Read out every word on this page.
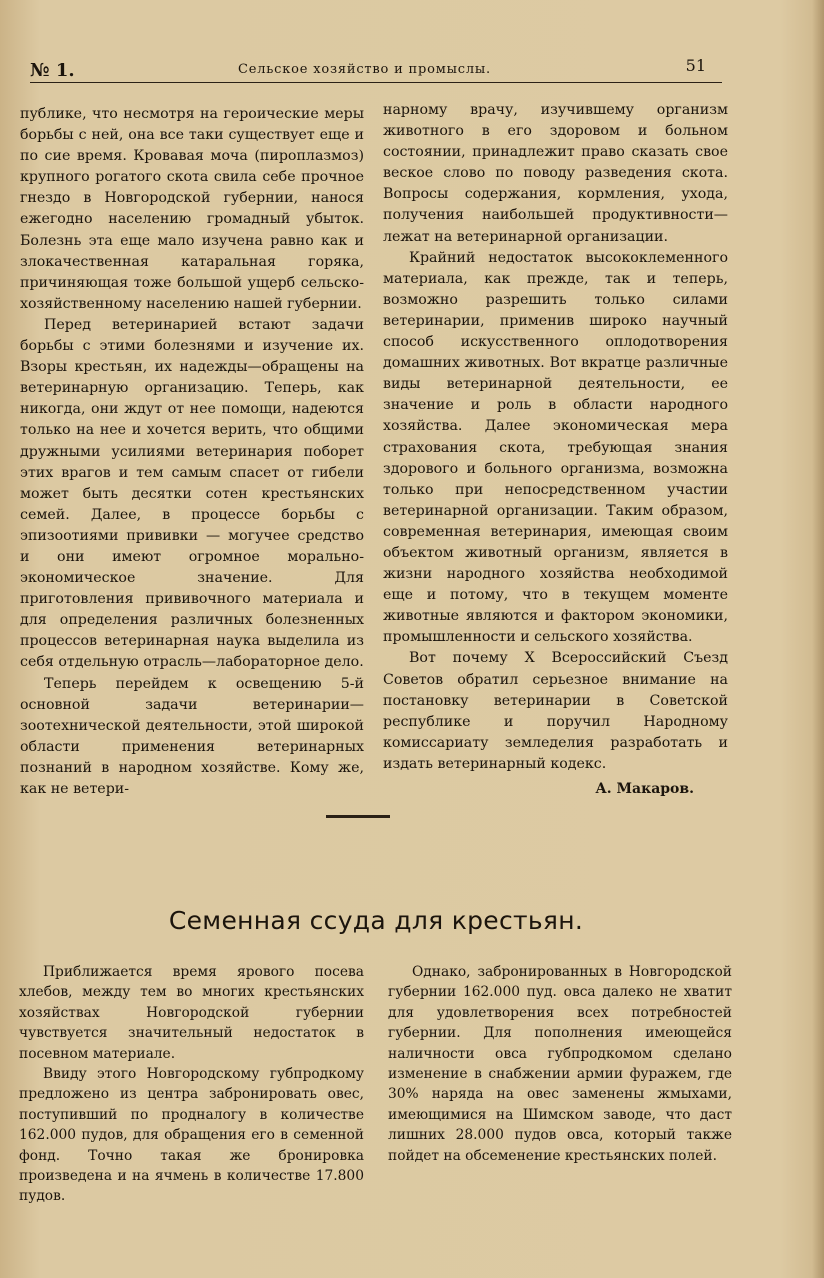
№ 1.	Сельское хозяйство и промыслы.	51

публике, что несмотря на героические меры борьбы с ней, она все таки существует еще и по сие время. Кровавая моча (пироплазмоз) крупного рогатого скота свила себе прочное гнездо в Новгородской губернии, нанося ежегодно населению громадный убыток. Болезнь эта еще мало изучена равно как и злокачественная катаральная горяка, причиняющая тоже большой ущерб сельско-хозяйственному населению нашей губернии.

Перед ветеринарией встают задачи борьбы с этими болезнями и изучение их. Взоры крестьян, их надежды—обращены на ветеринарную организацию. Теперь, как никогда, они ждут от нее помощи, надеются только на нее и хочется верить, что общими дружными усилиями ветеринария поборет этих врагов и тем самым спасет от гибели может быть десятки сотен крестьянских семей. Далее, в процессе борьбы с эпизоотиями прививки — могучее средство и они имеют огромное морально-экономическое значение. Для приготовления прививочного материала и для определения различных болезненных процессов ветеринарная наука выделила из себя отдельную отрасль—лабораторное дело.

Теперь перейдем к освещению 5-й основной задачи ветеринарии—зоотехнической деятельности, этой широкой области применения ветеринарных познаний в народном хозяйстве. Кому же, как не ветери-

нарному врачу, изучившему организм животного в его здоровом и больном состоянии, принадлежит право сказать свое веское слово по поводу разведения скота. Вопросы содержания, кормления, ухода, получения наибольшей продуктивности—лежат на ветеринарной организации.

Крайний недостаток высококлеменного материала, как прежде, так и теперь, возможно разрешить только силами ветеринарии, применив широко научный способ искусственного оплодотворения домашних животных. Вот вкратце различные виды ветеринарной деятельности, ее значение и роль в области народного хозяйства. Далее экономическая мера страхования скота, требующая знания здорового и больного организма, возможна только при непосредственном участии ветеринарной организации. Таким образом, современная ветеринария, имеющая своим объектом животный организм, является в жизни народного хозяйства необходимой еще и потому, что в текущем моменте животные являются и фактором экономики, промышленности и сельского хозяйства.

Вот почему X Всероссийский Съезд Советов обратил серьезное внимание на постановку ветеринарии в Советской республике и поручил Народному комиссариату земледелия разработать и издать ветеринарный кодекс.

А. Макаров.
Семенная ссуда для крестьян.

Приближается время ярового посева хлебов, между тем во многих крестьянских хозяйствах Новгородской губернии чувствуется значительный недостаток в посевном материале.

Ввиду этого Новгородскому губпродкому предложено из центра забронировать овес, поступивший по продналогу в количестве 162.000 пудов, для обращения его в семенной фонд. Точно такая же бронировка произведена и на ячмень в количестве 17.800 пудов.

Однако, забронированных в Новгородской губернии 162.000 пуд. овса далеко не хватит для удовлетворения всех потребностей губернии. Для пополнения имеющейся наличности овса губпродкомом сделано изменение в снабжении армии фуражем, где 30% наряда на овес заменены жмыхами, имеющимися на Шимском заводе, что даст лишних 28.000 пудов овса, который также пойдет на обсеменение крестьянских полей.
